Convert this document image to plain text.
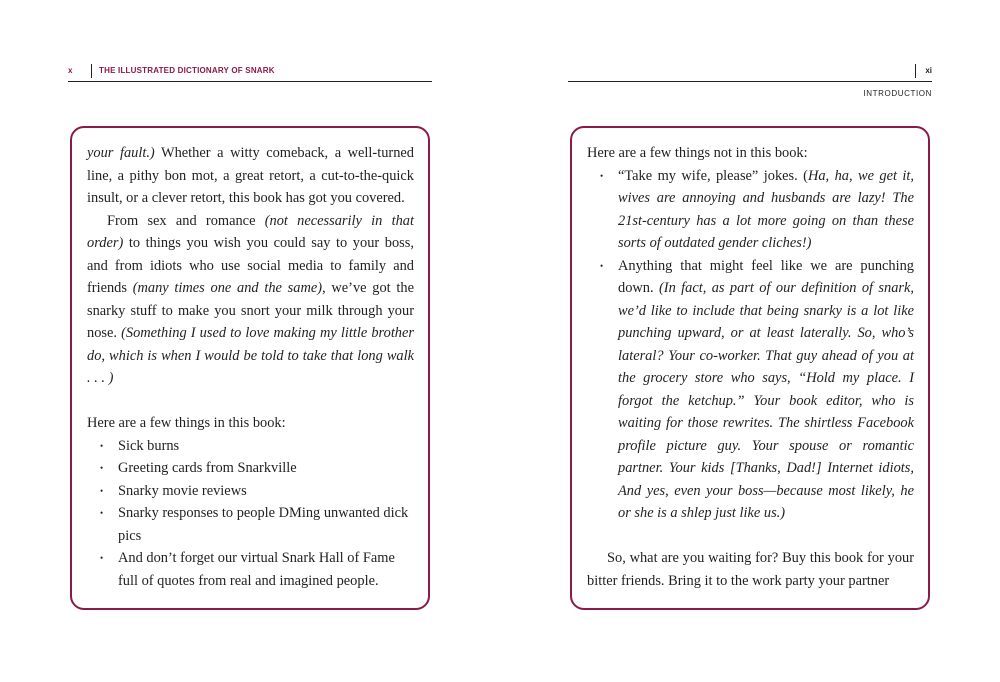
x	THE ILLUSTRATED DICTIONARY OF SNARK

your fault.) Whether a witty comeback, a well-turned line, a pithy bon mot, a great retort, a cut-to-the-quick insult, or a clever retort, this book has got you covered.

From sex and romance (not necessarily in that order) to things you wish you could say to your boss, and from idiots who use social media to family and friends (many times one and the same), we’ve got the snarky stuff to make you snort your milk through your nose. (Something I used to love making my little brother do, which is when I would be told to take that long walk . . . )

Here are a few things in this book:

• Sick burns
• Greeting cards from Snarkville
• Snarky movie reviews
• Snarky responses to people DMing unwanted dick pics
• And don’t forget our virtual Snark Hall of Fame full of quotes from real and imagined people.
xi
INTRODUCTION

Here are a few things not in this book:

• “Take my wife, please” jokes. (Ha, ha, we get it, wives are annoying and husbands are lazy! The 21st-century has a lot more going on than these sorts of outdated gender cliches!)
• Anything that might feel like we are punching down. (In fact, as part of our definition of snark, we’d like to include that being snarky is a lot like punching upward, or at least laterally. So, who’s lateral? Your co-worker. That guy ahead of you at the grocery store who says, “Hold my place. I forgot the ketchup.” Your book editor, who is waiting for those rewrites. The shirtless Facebook profile picture guy. Your spouse or romantic partner. Your kids [Thanks, Dad!] Internet idiots, And yes, even your boss—because most likely, he or she is a shlep just like us.)

So, what are you waiting for? Buy this book for your bitter friends. Bring it to the work party your partner
